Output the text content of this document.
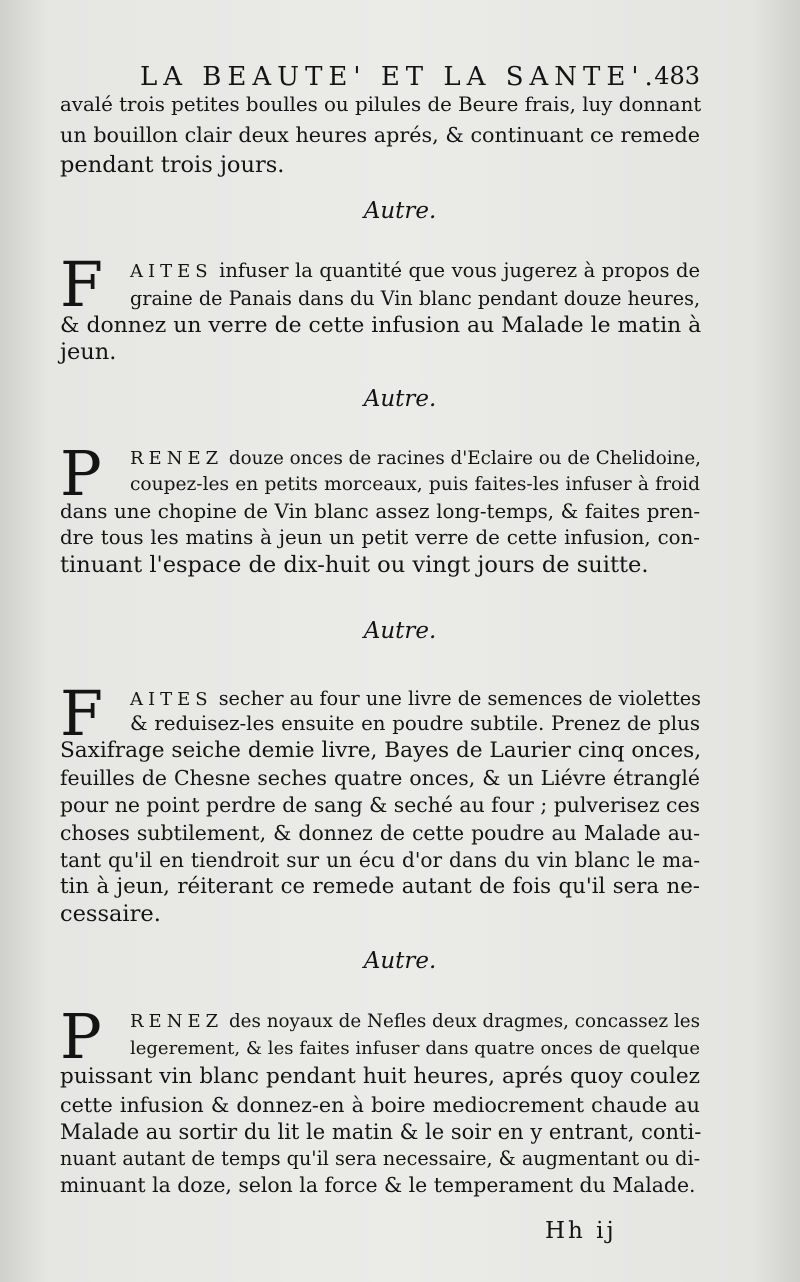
LA BEAUTE' ET LA SANTE'.
483
avalé trois petites boulles ou pilules de Beure frais, luy donnant
un bouillon clair deux heures aprés, & continuant ce remede
pendant trois jours.
Autre.
F AITES infuser la quantité que vous jugerez à propos de
graine de Panais dans du Vin blanc pendant douze heures,
& donnez un verre de cette infusion au Malade le matin à
jeun.
Autre.
P RENEZ douze onces de racines d'Eclaire ou de Chelidoine,
coupez-les en petits morceaux, puis faites-les infuser à froid
dans une chopine de Vin blanc assez long-temps, & faites pren-
dre tous les matins à jeun un petit verre de cette infusion, con-
tinuant l'espace de dix-huit ou vingt jours de suitte.
Autre.
F AITES secher au four une livre de semences de violettes
& reduisez-les ensuite en poudre subtile. Prenez de plus
Saxifrage seiche demie livre, Bayes de Laurier cinq onces,
feuilles de Chesne seches quatre onces, & un Liévre étranglé
pour ne point perdre de sang & seché au four ; pulverisez ces
choses subtilement, & donnez de cette poudre au Malade au-
tant qu'il en tiendroit sur un écu d'or dans du vin blanc le ma-
tin à jeun, réiterant ce remede autant de fois qu'il sera ne-
cessaire.
Autre.
P RENEZ des noyaux de Nefles deux dragmes, concassez les
legerement, & les faites infuser dans quatre onces de quelque
puissant vin blanc pendant huit heures, aprés quoy coulez
cette infusion & donnez-en à boire mediocrement chaude au
Malade au sortir du lit le matin & le soir en y entrant, conti-
nuant autant de temps qu'il sera necessaire, & augmentant ou di-
minuant la doze, selon la force & le temperament du Malade.
Hh ij
